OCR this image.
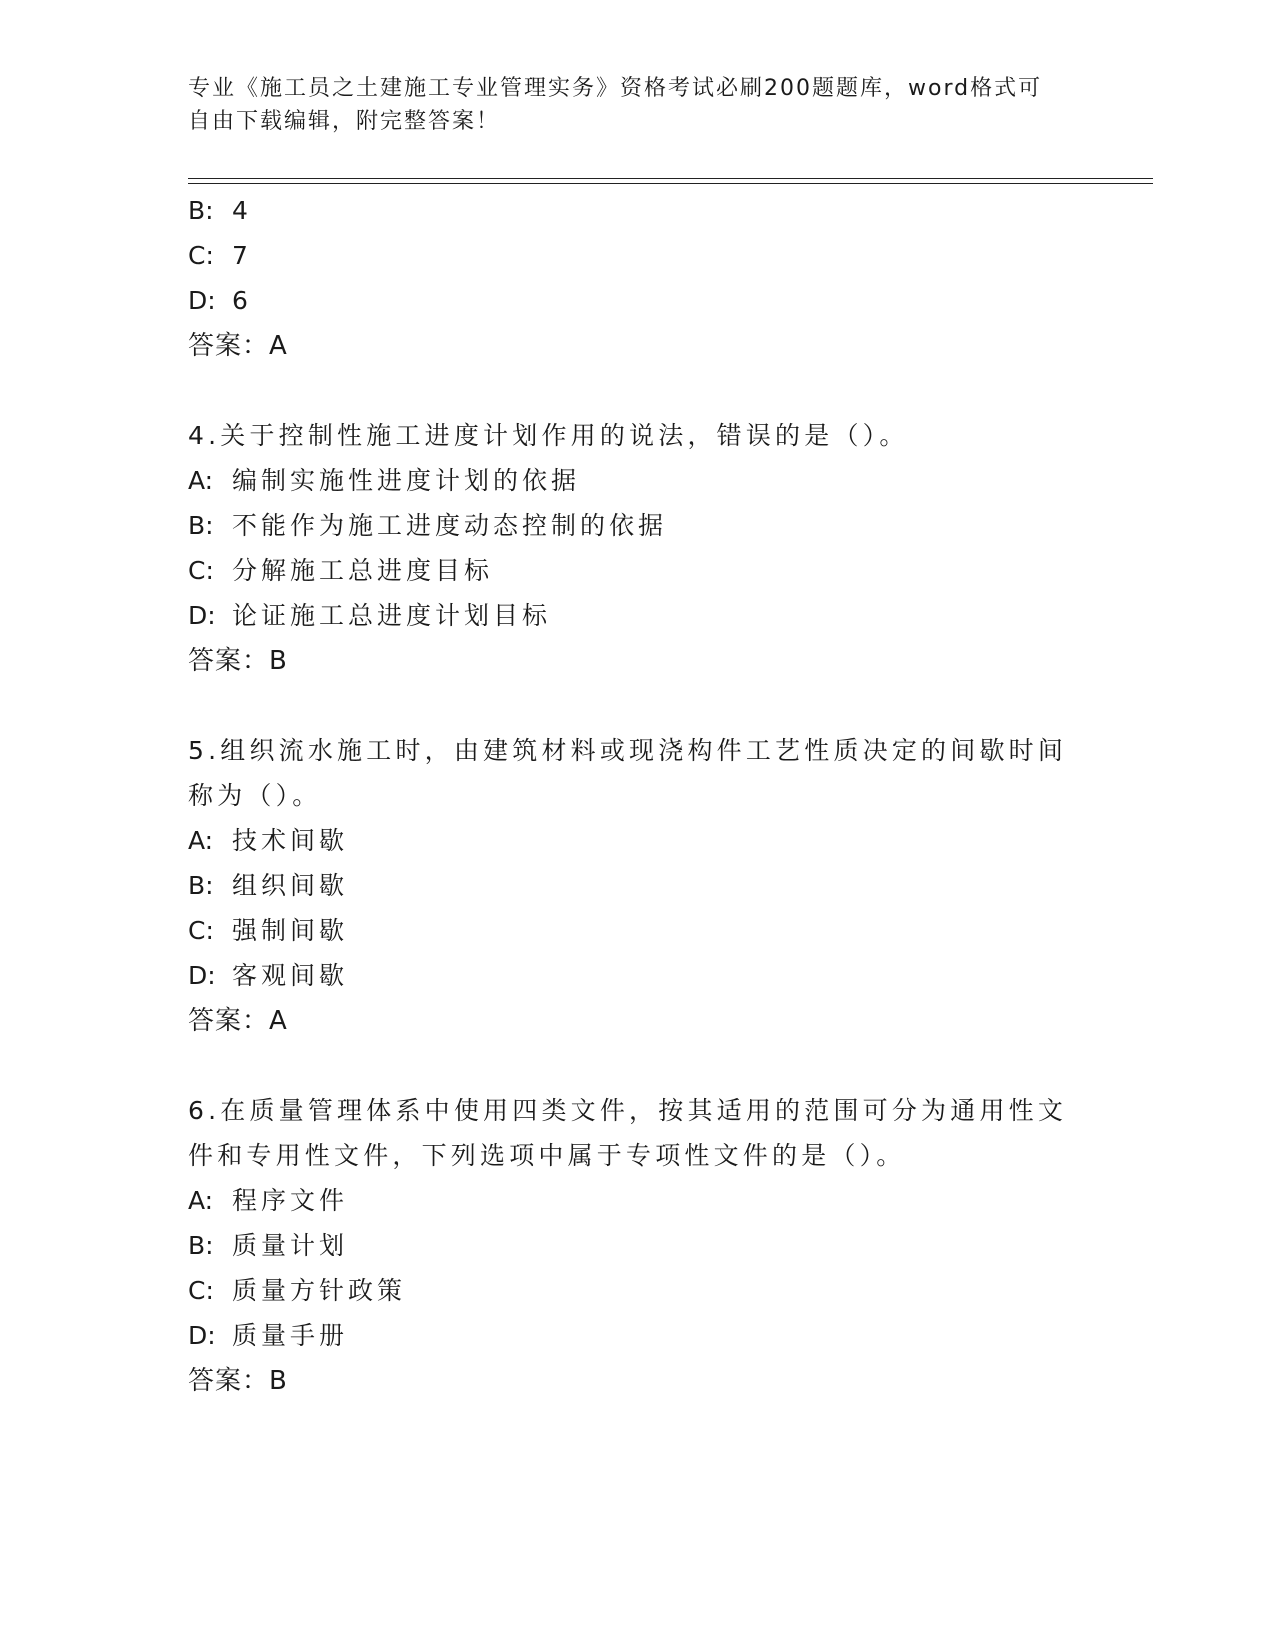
专业《施工员之土建施工专业管理实务》资格考试必刷200题题库，word格式可
自由下载编辑，附完整答案！
B: 4
C: 7
D: 6
答案：A
4.关于控制性施工进度计划作用的说法，错误的是（）。
A: 编制实施性进度计划的依据
B: 不能作为施工进度动态控制的依据
C: 分解施工总进度目标
D: 论证施工总进度计划目标
答案：B
5.组织流水施工时，由建筑材料或现浇构件工艺性质决定的间歇时间
称为（）。
A: 技术间歇
B: 组织间歇
C: 强制间歇
D: 客观间歇
答案：A
6.在质量管理体系中使用四类文件，按其适用的范围可分为通用性文
件和专用性文件，下列选项中属于专项性文件的是（）。
A: 程序文件
B: 质量计划
C: 质量方针政策
D: 质量手册
答案：B
